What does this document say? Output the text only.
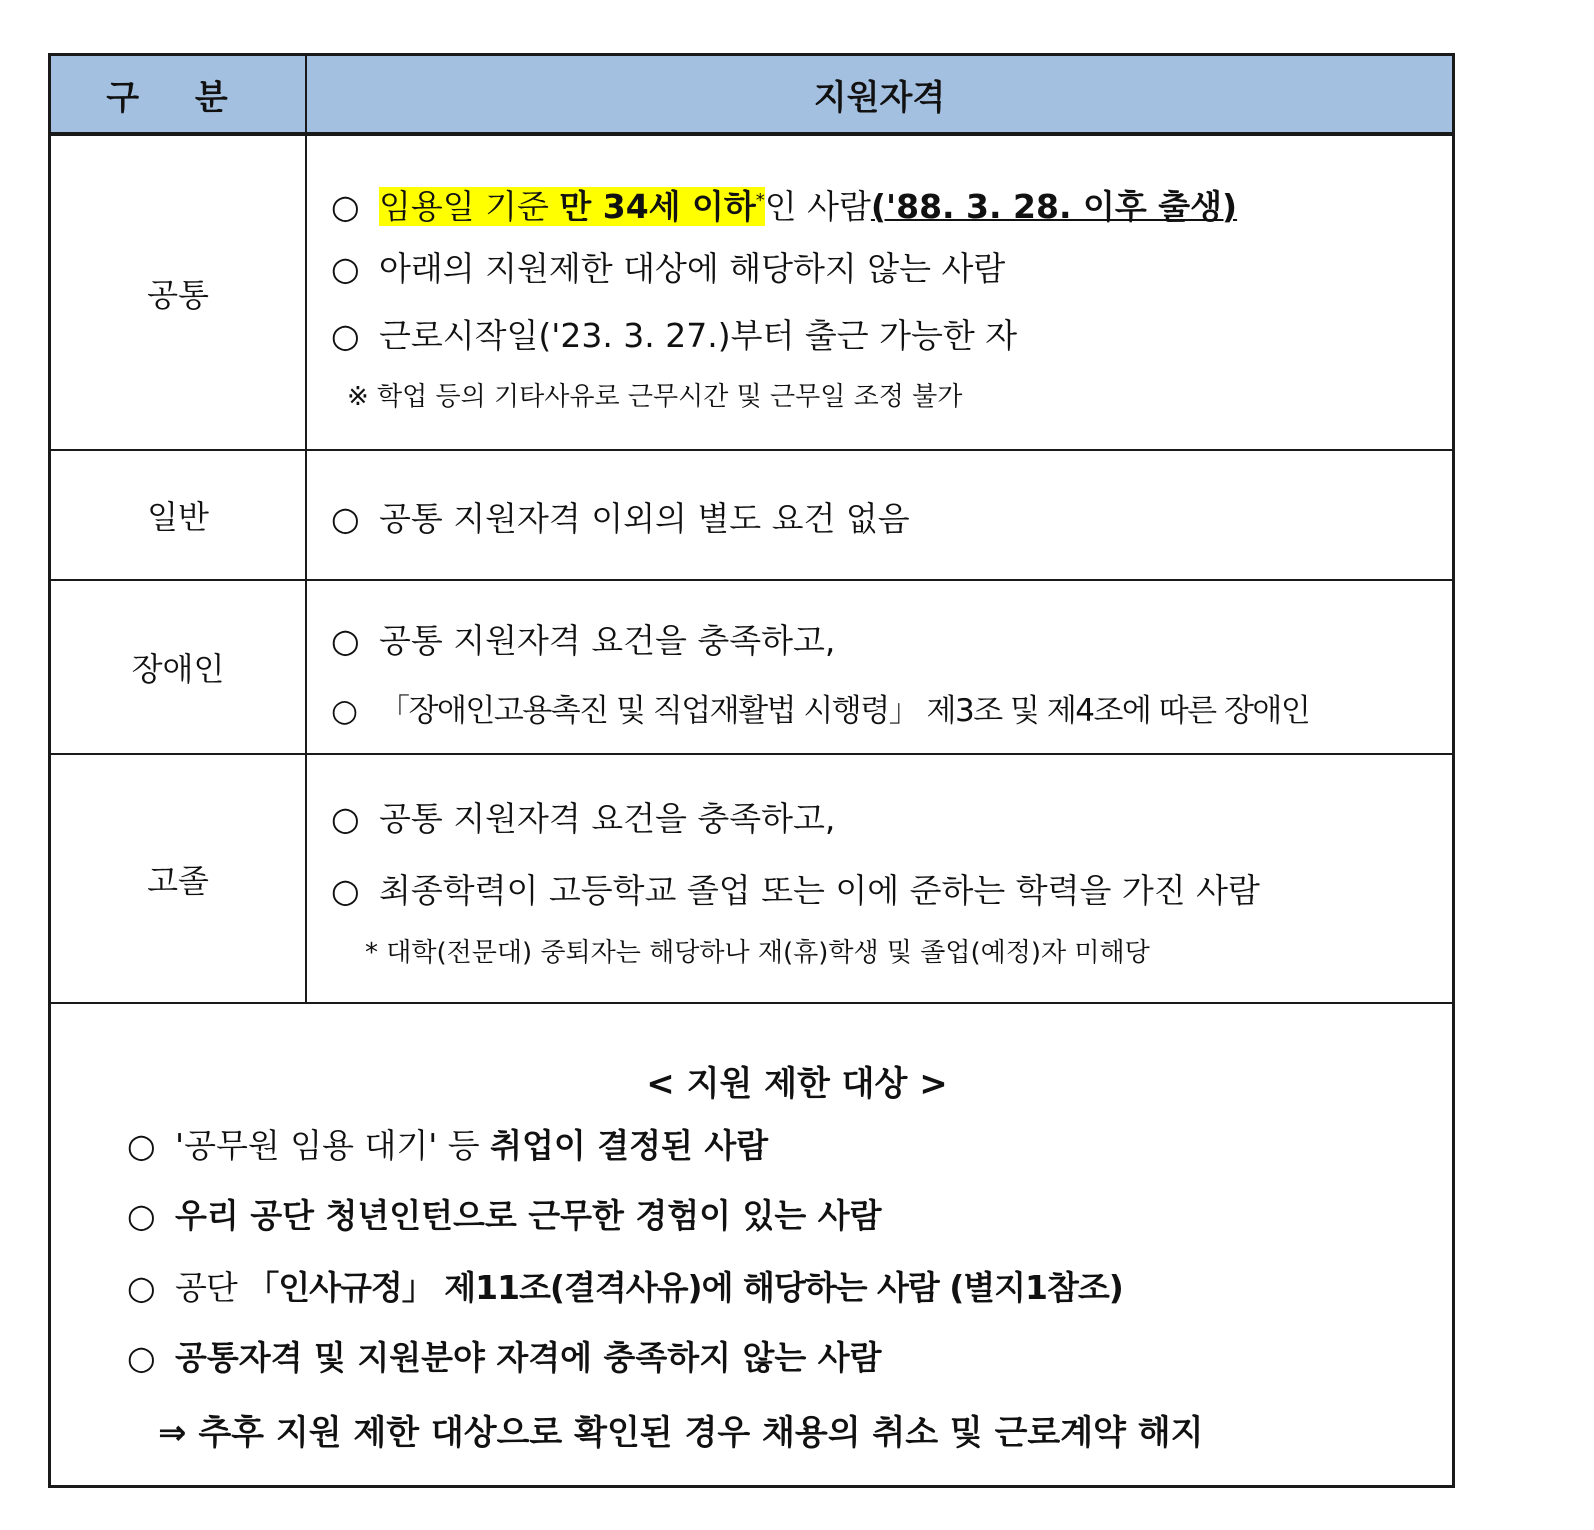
구 분	지원자격
공통
○ 임용일 기준 만 34세 이하*인 사람('88. 3. 28. 이후 출생)
○ 아래의 지원제한 대상에 해당하지 않는 사람
○ 근로시작일('23. 3. 27.)부터 출근 가능한 자
※ 학업 등의 기타사유로 근무시간 및 근무일 조정 불가
일반	○ 공통 지원자격 이외의 별도 요건 없음
장애인
○ 공통 지원자격 요건을 충족하고,
○ 「장애인고용촉진 및 직업재활법 시행령」 제3조 및 제4조에 따른 장애인
고졸
○ 공통 지원자격 요건을 충족하고,
○ 최종학력이 고등학교 졸업 또는 이에 준하는 학력을 가진 사람
* 대학(전문대) 중퇴자는 해당하나 재(휴)학생 및 졸업(예정)자 미해당
< 지원 제한 대상 >
○ '공무원 임용 대기' 등 취업이 결정된 사람
○ 우리 공단 청년인턴으로 근무한 경험이 있는 사람
○ 공단 「인사규정」 제11조(결격사유)에 해당하는 사람 (별지1참조)
○ 공통자격 및 지원분야 자격에 충족하지 않는 사람
⇒ 추후 지원 제한 대상으로 확인된 경우 채용의 취소 및 근로계약 해지
